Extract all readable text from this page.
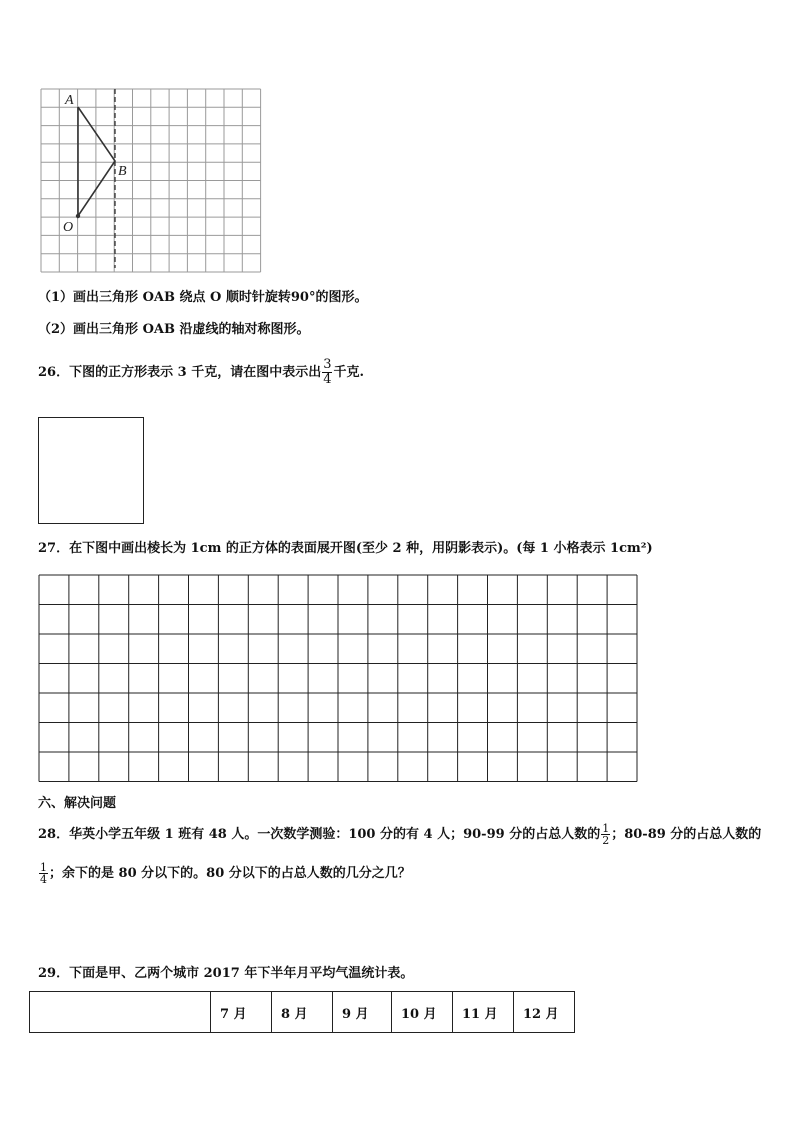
A
B
O
（1）画出三角形 OAB 绕点 O 顺时针旋转90°的图形。
（2）画出三角形 OAB 沿虚线的轴对称图形。
26．下图的正方形表示 3 千克，请在图中表示出 $\frac{3}{4}$ 千克.
27．在下图中画出棱长为 1cm 的正方体的表面展开图(至少 2 种，用阴影表示)。(每 1 小格表示 1cm²)
六、解决问题
28．华英小学五年级 1 班有 48 人。一次数学测验：100 分的有 4 人；90-99 分的占总人数的 $\frac{1}{2}$ ；80-89 分的占总人数的
$\frac{1}{4}$ ；余下的是 80 分以下的。80 分以下的占总人数的几分之几？
29．下面是甲、乙两个城市 2017 年下半年月平均气温统计表。
	7 月	8 月	9 月	10 月	11 月	12 月
